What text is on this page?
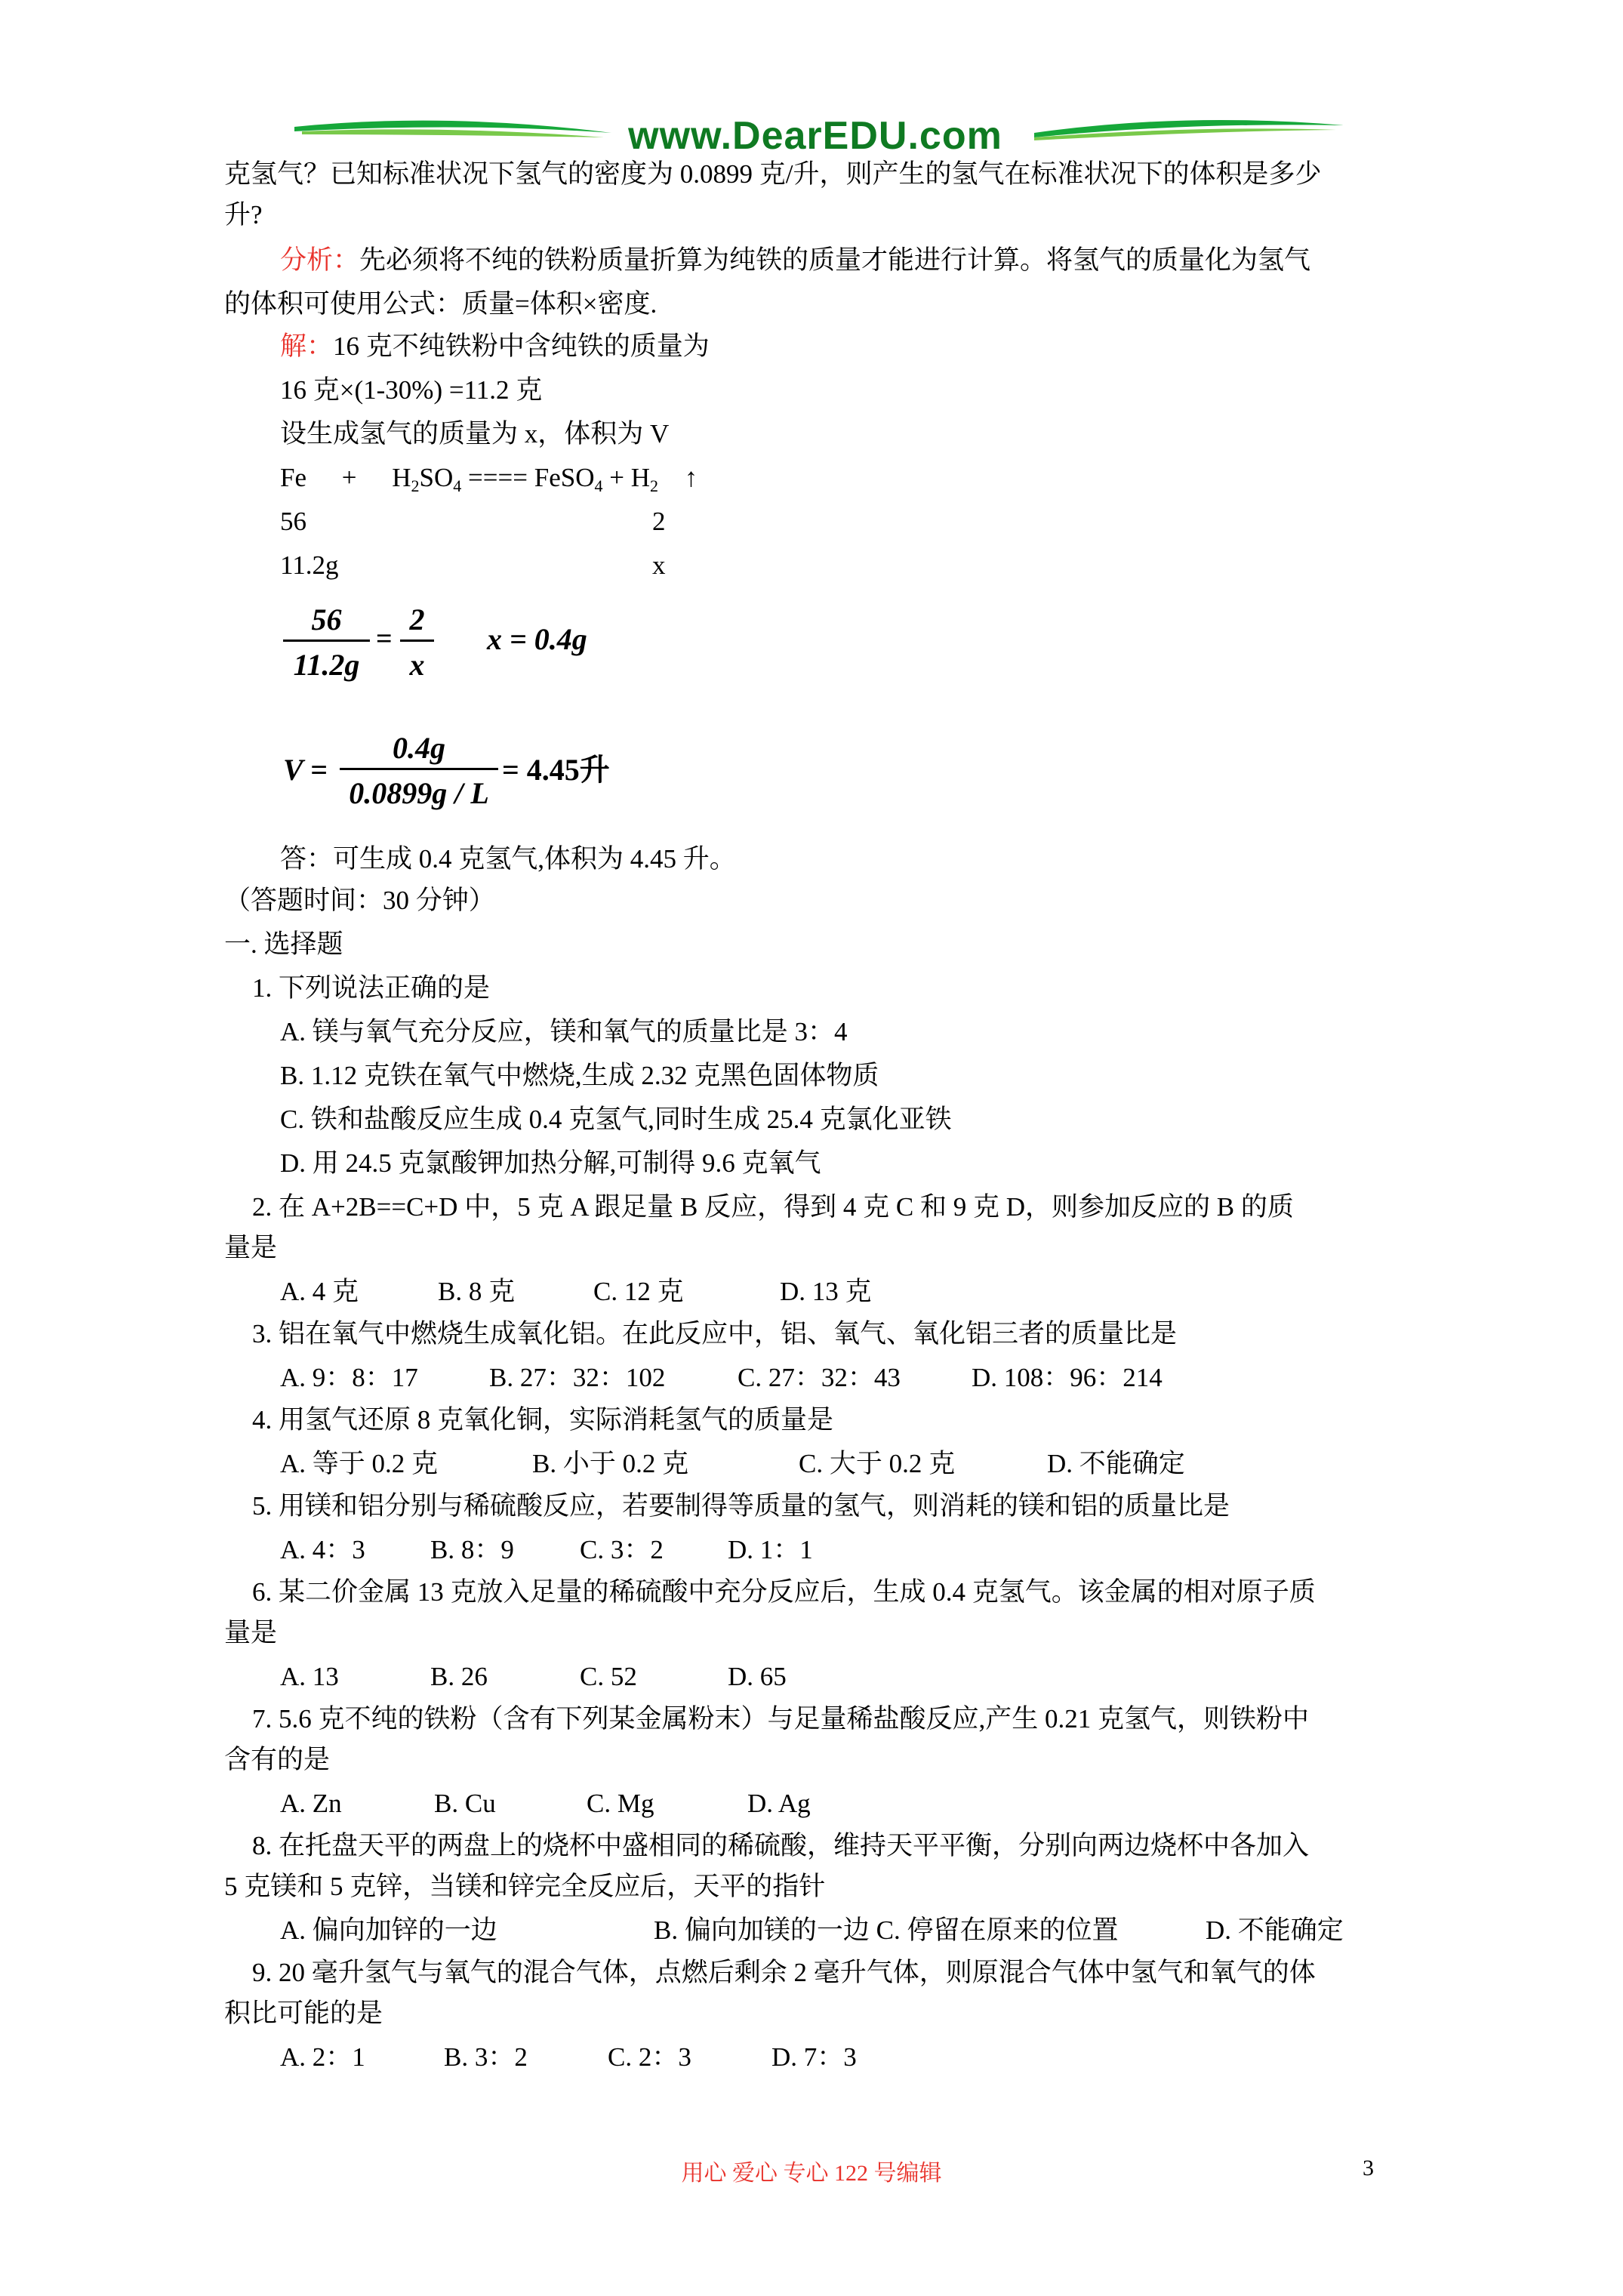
www.DearEDU.com
克氢气？已知标准状况下氢气的密度为 0.0899 克/升，则产生的氢气在标准状况下的体积是多少
升?
分析：先必须将不纯的铁粉质量折算为纯铁的质量才能进行计算。将氢气的质量化为氢气
的体积可使用公式：质量=体积×密度.
解：16 克不纯铁粉中含纯铁的质量为
16 克×(1-30%) =11.2 克
设生成氢气的质量为 x，体积为 V
$Fe + H_2SO_4$ ==== FeSO$_4$ + $H_2$ ↑
56	2
11.2g	x
56
11.2g
=
2
x
x = 0.4g
V =
0.4g
0.0899g / L
= 4.45升
答：可生成 0.4 克氢气,体积为 4.45 升。
（答题时间：30 分钟）
一. 选择题
1. 下列说法正确的是
A. 镁与氧气充分反应，镁和氧气的质量比是 3：4
B. 1.12 克铁在氧气中燃烧,生成 2.32 克黑色固体物质
C. 铁和盐酸反应生成 0.4 克氢气,同时生成 25.4 克氯化亚铁
D. 用 24.5 克氯酸钾加热分解,可制得 9.6 克氧气
2. 在 A+2B==C+D 中，5 克 A 跟足量 B 反应，得到 4 克 C 和 9 克 D，则参加反应的 B 的质
量是
A. 4 克	B. 8 克	C. 12 克	D. 13 克
3. 铝在氧气中燃烧生成氧化铝。在此反应中，铝、氧气、氧化铝三者的质量比是
A. 9：8：17	B. 27：32：102	C. 27：32：43	D. 108：96：214
4. 用氢气还原 8 克氧化铜，实际消耗氢气的质量是
A. 等于 0.2 克	B. 小于 0.2 克	C. 大于 0.2 克	D. 不能确定
5. 用镁和铝分别与稀硫酸反应，若要制得等质量的氢气，则消耗的镁和铝的质量比是
A. 4：3 B. 8：9 C. 3：2 D. 1：1
6. 某二价金属 13 克放入足量的稀硫酸中充分反应后，生成 0.4 克氢气。该金属的相对原子质
量是
A. 13	B. 26	C. 52	D. 65
7. 5.6 克不纯的铁粉（含有下列某金属粉末）与足量稀盐酸反应,产生 0.21 克氢气，则铁粉中
含有的是
A. Zn	B. Cu	C. Mg	D. Ag
8. 在托盘天平的两盘上的烧杯中盛相同的稀硫酸，维持天平平衡，分别向两边烧杯中各加入
5 克镁和 5 克锌，当镁和锌完全反应后，天平的指针
A. 偏向加锌的一边	B. 偏向加镁的一边 C. 停留在原来的位置	D. 不能确定
9. 20 毫升氢气与氧气的混合气体，点燃后剩余 2 毫升气体，则原混合气体中氢气和氧气的体
积比可能的是
A. 2：1	B. 3：2	C. 2：3	D. 7：3
用心 爱心 专心 122 号编辑	3
